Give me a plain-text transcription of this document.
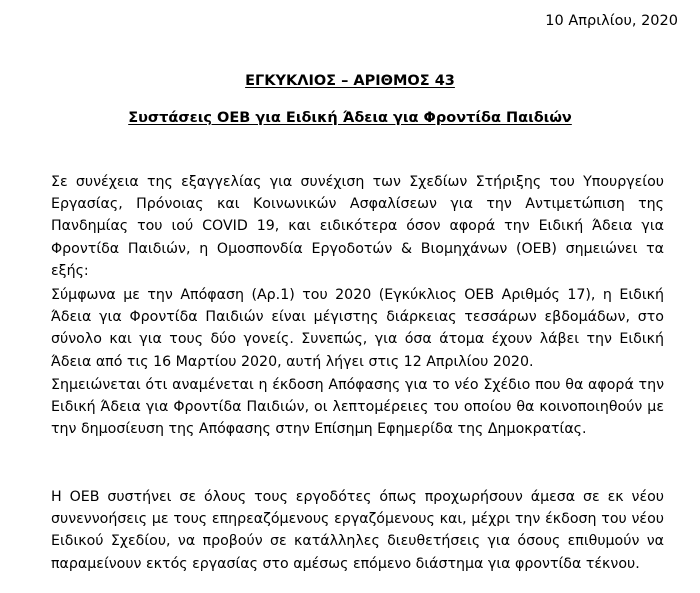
10 Απριλίου, 2020
ΕΓΚΥΚΛΙΟΣ – ΑΡΙΘΜΟΣ 43
Συστάσεις ΟΕΒ για Ειδική Άδεια για Φροντίδα Παιδιών

Σε συνέχεια της εξαγγελίας για συνέχιση των Σχεδίων Στήριξης του Υπουργείου Εργασίας, Πρόνοιας και Κοινωνικών Ασφαλίσεων για την Αντιμετώπιση της Πανδημίας του ιού COVID 19, και ειδικότερα όσον αφορά την Ειδική Άδεια για Φροντίδα Παιδιών, η Ομοσπονδία Εργοδοτών & Βιομηχάνων (ΟΕΒ) σημειώνει τα εξής:

Σύμφωνα με την Απόφαση (Αρ.1) του 2020 (Εγκύκλιος ΟΕΒ Αριθμός 17), η Ειδική Άδεια για Φροντίδα Παιδιών είναι μέγιστης διάρκειας τεσσάρων εβδομάδων, στο σύνολο και για τους δύο γονείς. Συνεπώς, για όσα άτομα έχουν λάβει την Ειδική Άδεια από τις 16 Μαρτίου 2020, αυτή λήγει στις 12 Απριλίου 2020.

Σημειώνεται ότι αναμένεται η έκδοση Απόφασης για το νέο Σχέδιο που θα αφορά την Ειδική Άδεια για Φροντίδα Παιδιών, οι λεπτομέρειες του οποίου θα κοινοποιηθούν με την δημοσίευση της Απόφασης στην Επίσημη Εφημερίδα της Δημοκρατίας.

Η ΟΕΒ συστήνει σε όλους τους εργοδότες όπως προχωρήσουν άμεσα σε εκ νέου συνεννοήσεις με τους επηρεαζόμενους εργαζόμενους και, μέχρι την έκδοση του νέου Ειδικού Σχεδίου, να προβούν σε κατάλληλες διευθετήσεις για όσους επιθυμούν να παραμείνουν εκτός εργασίας στο αμέσως επόμενο διάστημα για φροντίδα τέκνου.
